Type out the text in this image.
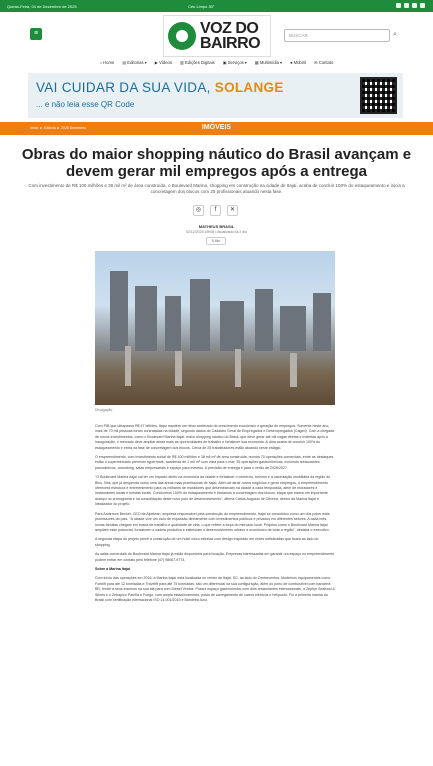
Quinta-Feira, 04 de Dezembro de 2025	Céu Limpo 30°
≡	VOZ DO
BAIRRO	BUSCAR	⌕
⌂ Home ▤ Editorias ▾ ▶ Vídeos ▥ Edições Digitais ▣ Serviços ▾ ▦ Multimídia ▾ ● Mobirit ✉ Contato
VAI CUIDAR DA SUA VIDA, SOLANGE
... e não leia esse QR Code
Início ► Editoria ► 2025 Dezembro	IMÓVEIS
Obras do maior shopping náutico do Brasil avançam e devem gerar mil empregos após a entrega
Com investimento de R$ 100 milhões e 38 mil m² de área construída, o Boulevard Marina, shopping em construção na cidade de Itajaí, acaba de concluir 100% do estaqueamento e inicia a concretagem dos blocos com 25 profissionais atuando nesta fase.
◎	f	✕
MATHEUS BRASIL
02/12/2025 19h08 • Atualizado há 2 dia
5 Min
Divulgação

Com PIB que ultrapassa R$ 47 bilhões, Itajaí mantém um ritmo acelerado de crescimento econômico e geração de empregos. Somente neste ano, mais de 70 mil pessoas foram contratadas na cidade, segundo dados do Cadastro Geral de Empregados e Desempregados (Caged). Com a chegada de novos investimentos, como o Boulevard Marina Itajaí, maior shopping náutico do Brasil, que deve gerar até mil vagas diretas e indiretas após a inauguração, o mercado deve ampliar ainda mais as oportunidades de trabalho e fortalecer sua economia. A obra acaba de concluir 100% do estaqueamento e entra na fase de concretagem dos blocos. Cerca de 25 trabalhadores estão atuando neste estágio.

O empreendimento, com investimento social de R$ 100 milhões e 38 mil m² de área construída, reunirá 70 operações comerciais, entre as destaques estão o supermercado premium hypermark, academia de 1 mil m² com vista para o mar, 35 operações gastronômicas, incluindo restaurantes panorâmicos, coworking, salas empresariais e espaço para eventos. A previsão de entrega é para o verão de 2026/2027.

"O Boulevard Marina Itajaí vai ter um impacto direto na economia da cidade e fortalecer o comércio, turismo e a valorização imobiliária da região do Bico. Nós, que já despenda como uma das áreas mais promissoras de Itajaí. Além de atrair novos negócios e gerar empregos, o empreendimento oferecerá estrutura e entretenimento para os milhares de moradores que desembarcam na cidade a cada temporada, além de moradores e restaurantes locais e turistas locais. Concluímos 100% do estaqueamento e iniciamos a concretagem dos blocos, etapa que marca um importante avanço no cronograma e na consolidação deste novo polo de desenvolvimento", afirma Carlos Augusto de Oliveira, diretor da Marina Itajaí e idealizador do projeto.

Para Anderson Becker, CEO da Alpelean, empresa responsável pela construção do empreendimento, Itajaí se consolidou como um dos polos mais promissores do país. "A cidade vive um ciclo de expansão diretamente com investimentos públicos e privados em diferentes setores. A cada mês, novas famílias chegam em busca de trabalho e qualidade de vida, o que reflete a força do mercado local. Projetos como o Boulevard Marina Itajaí ampliam esse potencial, fortalecem a cadeia produtiva e estimulam o desenvolvimento urbano e econômico de toda a região", destaca o executivo.

A segunda etapa do projeto prevê a construção de um hotel cinco estrelas com design inspirado em redes sofisticadas que ficará ao lado do shopping.

As salas comerciais do Boulevard Marina Itajaí já estão disponíveis para locação. Empresas interessadas em garantir um espaço no empreendimento podem entrar em contato pelo telefone (47) 98067-9773.

Sobre a Marina Itajaí

Com início das operações em 2016, a Marina Itajaí está localizada no centro de Itajaí, SC, ao lado do Centreventos. Modernos equipamentos como Forklift para até 12 toneladas e Travelift para até 75 toneladas, são um diferencial na sua configuração, além do porto de combustível com bandeira BR, tende a seus insumos na sua ala para com Diesel Ventos. Possui espaço gastronômico com dois restaurantes internacionais, a Zephyr Seafood & Wines e o Zebapico Parrilla e Fuego, com ampla estacionamento, posto de carregamento de carros elétricos e heliponto. Foi a primeira marina do Brasil com certificação internacional ISO 14.001/2015 e Bandeira Azul.
